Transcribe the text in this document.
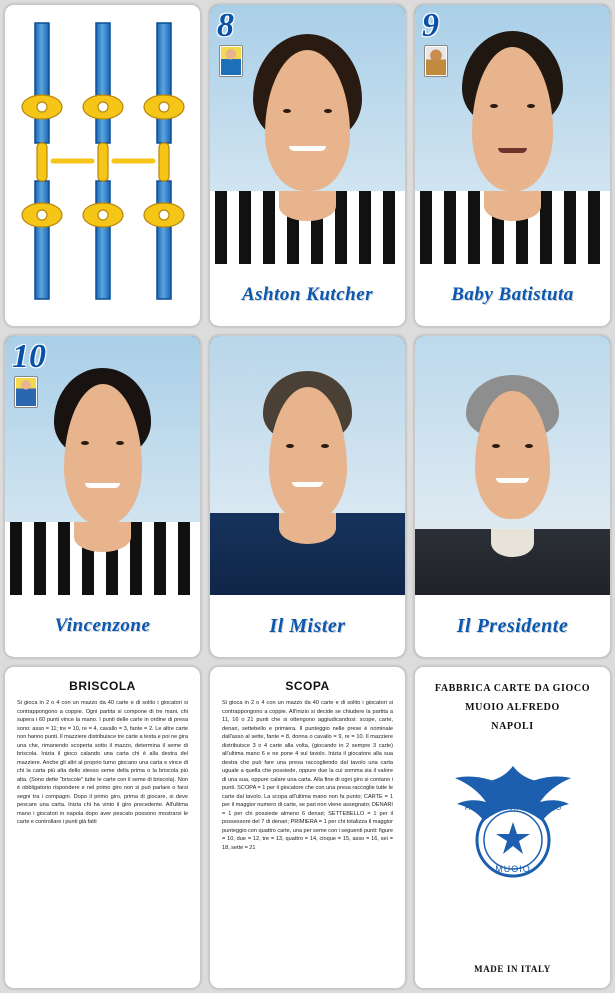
8
Ashton Kutcher
9
Baby Batistuta
10
Vincenzone	Il Mister	Il Presidente
BRISCOLA

Si gioca in 2 o 4 con un mazzo da 40 carte e di solito i giocatori si contrappongono a coppie. Ogni partita si compone di tre mani, chi supera i 60 punti vince la mano. I punti delle carte in ordine di presa sono: asso = 11; tre = 10, re = 4, cavallo = 3, fante = 2. Le altre carte non hanno punti. Il mazziere distribuisce tre carte a testa e poi ne gira una che, rimanendo scoperta sotto il mazzo, determina il seme di briscola. Inizia il gioco calando una carta chi è alla destra del mazziere. Anche gli altri al proprio turno giocano una carta e vince di chi la carta più alta dello stesso seme della prima o la briscola più alta. (Sono dette "briscole" tutte le carte con il seme di briscola). Non è obbligatorio rispondere e nel primo giro non si può parlare o farsi segni tra i compagni. Dopo il primo giro, prima di giocare, si deve pescare una carta. Inizia chi ha vinto il giro precedente. All'ultima mano i giocatori in napola dopo aver pescato possono mostrarsi le carte e controllare i punti già fatti

SCOPA

Si gioca in 2 o 4 con un mazzo da 40 carte e di solito i giocatori si contrappongono a coppie. All'inizio si decide se chiudere la partita a 11, 16 o 21 punti che si ottengono aggiudicandosi: scope, carte, denari, settebello e primiera. Il punteggio nelle prese è nominale dall'asso al sette, fante = 8, donna o cavallo = 9, re = 10. Il mazziere distribuisce 3 o 4 carte alla volta, (giocando in 2 sempre 3 carte) all'ultima mano 6 e ne pone 4 sul tavolo. Inizia il giocatore alla sua destra che può fare una presa raccogliendo dal tavolo una carta uguale a quella che possiede, oppure due la cui somma sia il valore di una sua, oppure calare una carta. Alla fine di ogni giro si contano i punti. SCOPA = 1 per il giocatore che con una presa raccoglie tutte le carte dal tavolo. La scopa all'ultima mano non fa punto; CARTE = 1 per il maggior numero di carte, se pari non viene assegnato; DENARI = 1 per chi possiede almeno 6 denari; SETTEBELLO = 1 per il possessore del 7 di denari; PRIMIERA = 1 per chi totalizza il maggior punteggio con quattro carte, una per seme con i seguenti punti: figure = 10, due = 12, tre = 13, quattro = 14, cinque = 15, asso = 16, sei = 18, sette = 21

FABBRICA CARTE DA GIOCO
MUOIO ALFREDO
NAPOLI
FABBRICA CARTE DA GIOCO
MUOIO
MADE IN ITALY
